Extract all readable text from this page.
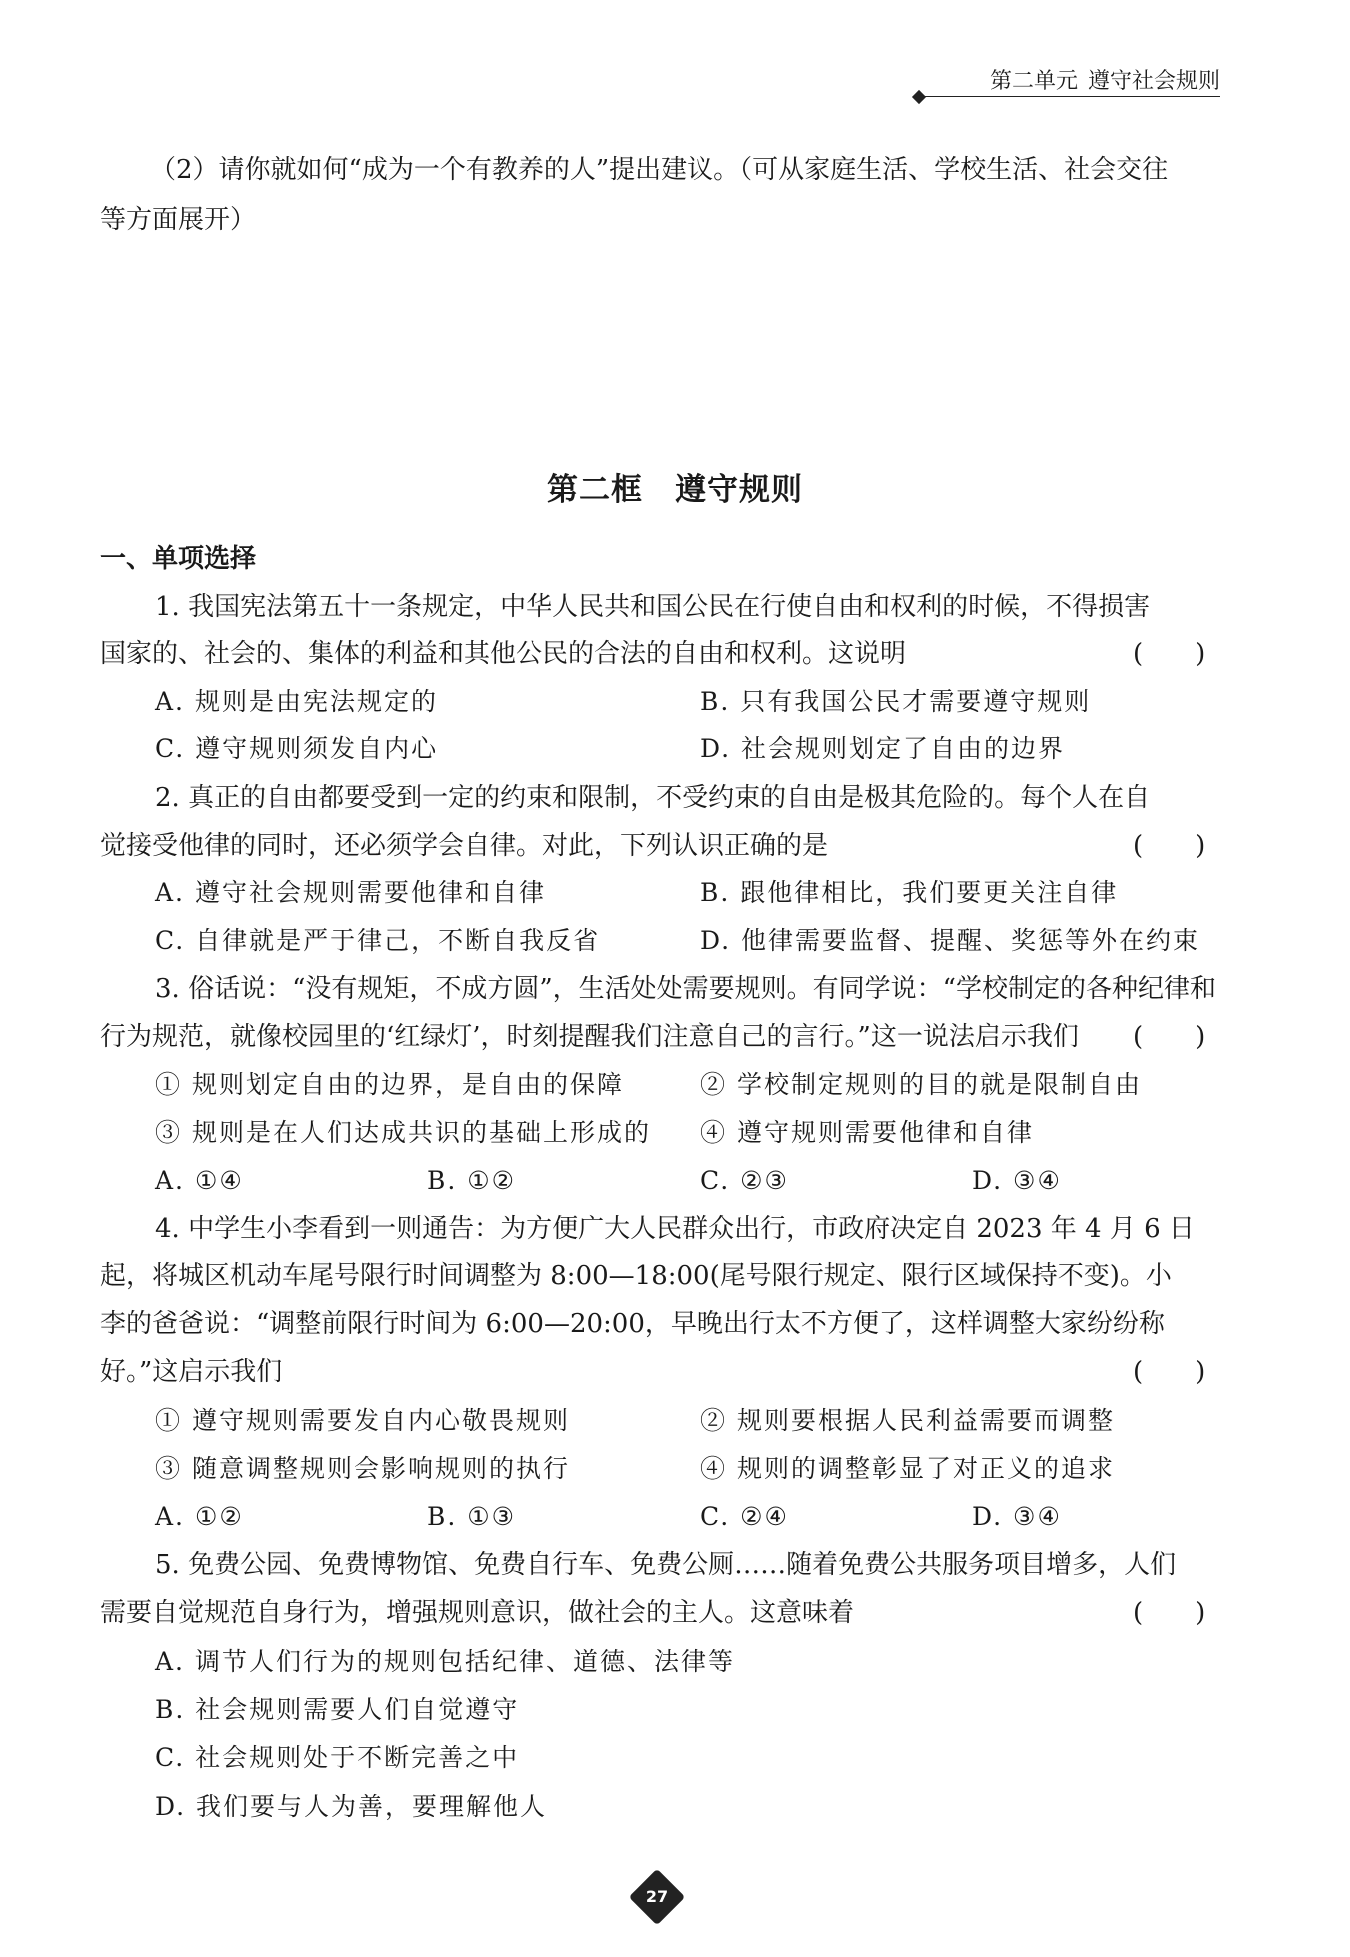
第二单元 遵守社会规则
（2）请你就如何“成为一个有教养的人”提出建议。（可从家庭生活、学校生活、社会交往
等方面展开）
第二框　遵守规则
一、单项选择
1. 我国宪法第五十一条规定，中华人民共和国公民在行使自由和权利的时候，不得损害
国家的、社会的、集体的利益和其他公民的合法的自由和权利。这说明	(　　)
A. 规则是由宪法规定的	B. 只有我国公民才需要遵守规则
C. 遵守规则须发自内心	D. 社会规则划定了自由的边界
2. 真正的自由都要受到一定的约束和限制，不受约束的自由是极其危险的。每个人在自
觉接受他律的同时，还必须学会自律。对此，下列认识正确的是	(　　)
A. 遵守社会规则需要他律和自律	B. 跟他律相比，我们要更关注自律
C. 自律就是严于律己，不断自我反省	D. 他律需要监督、提醒、奖惩等外在约束
3. 俗话说：“没有规矩，不成方圆”，生活处处需要规则。有同学说：“学校制定的各种纪律和
行为规范，就像校园里的‘红绿灯’，时刻提醒我们注意自己的言行。”这一说法启示我们 (　　)
① 规则划定自由的边界，是自由的保障	② 学校制定规则的目的就是限制自由
③ 规则是在人们达成共识的基础上形成的 ④ 遵守规则需要他律和自律
A. ①④	B. ①②	C. ②③	D. ③④
4. 中学生小李看到一则通告：为方便广大人民群众出行，市政府决定自 2023 年 4 月 6 日
起，将城区机动车尾号限行时间调整为 8:00—18:00(尾号限行规定、限行区域保持不变)。小
李的爸爸说：“调整前限行时间为 6:00—20:00，早晚出行太不方便了，这样调整大家纷纷称
好。”这启示我们	(　　)
① 遵守规则需要发自内心敬畏规则	② 规则要根据人民利益需要而调整
③ 随意调整规则会影响规则的执行	④ 规则的调整彰显了对正义的追求
A. ①②	B. ①③	C. ②④	D. ③④
5. 免费公园、免费博物馆、免费自行车、免费公厕……随着免费公共服务项目增多，人们
需要自觉规范自身行为，增强规则意识，做社会的主人。这意味着	(　　)
A. 调节人们行为的规则包括纪律、道德、法律等
B. 社会规则需要人们自觉遵守
C. 社会规则处于不断完善之中
D. 我们要与人为善，要理解他人
27
